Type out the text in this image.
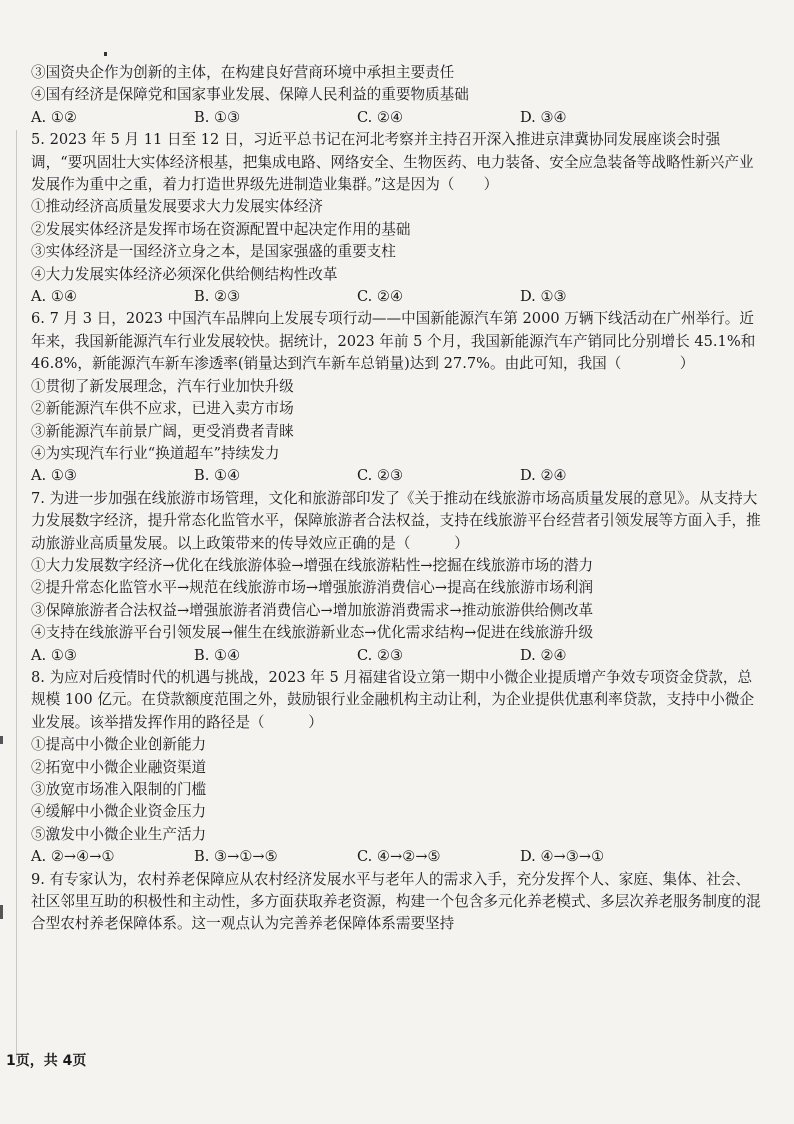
③国资央企作为创新的主体，在构建良好营商环境中承担主要责任
④国有经济是保障党和国家事业发展、保障人民利益的重要物质基础
A. ①②	B. ①③	C. ②④	D. ③④
5. 2023 年 5 月 11 日至 12 日，习近平总书记在河北考察并主持召开深入推进京津冀协同发展座谈会时强调，“要巩固壮大实体经济根基，把集成电路、网络安全、生物医药、电力装备、安全应急装备等战略性新兴产业发展作为重中之重，着力打造世界级先进制造业集群。”这是因为（　　）
①推动经济高质量发展要求大力发展实体经济
②发展实体经济是发挥市场在资源配置中起决定作用的基础
③实体经济是一国经济立身之本，是国家强盛的重要支柱
④大力发展实体经济必须深化供给侧结构性改革
A. ①④	B. ②③	C. ②④	D. ①③
6. 7 月 3 日，2023 中国汽车品牌向上发展专项行动——中国新能源汽车第 2000 万辆下线活动在广州举行。近年来，我国新能源汽车行业发展较快。据统计，2023 年前 5 个月，我国新能源汽车产销同比分别增长 45.1%和 46.8%，新能源汽车新车渗透率(销量达到汽车新车总销量)达到 27.7%。由此可知，我国（　　　　）
①贯彻了新发展理念，汽车行业加快升级
②新能源汽车供不应求，已进入卖方市场
③新能源汽车前景广阔，更受消费者青睐
④为实现汽车行业“换道超车”持续发力
A. ①③	B. ①④	C. ②③	D. ②④
7. 为进一步加强在线旅游市场管理，文化和旅游部印发了《关于推动在线旅游市场高质量发展的意见》。从支持大力发展数字经济，提升常态化监管水平，保障旅游者合法权益，支持在线旅游平台经营者引领发展等方面入手，推动旅游业高质量发展。以上政策带来的传导效应正确的是（　　　）
①大力发展数字经济→优化在线旅游体验→增强在线旅游粘性→挖掘在线旅游市场的潜力
②提升常态化监管水平→规范在线旅游市场→增强旅游消费信心→提高在线旅游市场利润
③保障旅游者合法权益→增强旅游者消费信心→增加旅游消费需求→推动旅游供给侧改革
④支持在线旅游平台引领发展→催生在线旅游新业态→优化需求结构→促进在线旅游升级
A. ①③	B. ①④	C. ②③	D. ②④
8. 为应对后疫情时代的机遇与挑战，2023 年 5 月福建省设立第一期中小微企业提质增产争效专项资金贷款，总规模 100 亿元。在贷款额度范围之外，鼓励银行业金融机构主动让利，为企业提供优惠利率贷款，支持中小微企业发展。该举措发挥作用的路径是（　　　）
①提高中小微企业创新能力
②拓宽中小微企业融资渠道
③放宽市场准入限制的门槛
④缓解中小微企业资金压力
⑤激发中小微企业生产活力
A. ②→④→①	B. ③→①→⑤	C. ④→②→⑤	D. ④→③→①
9. 有专家认为，农村养老保障应从农村经济发展水平与老年人的需求入手，充分发挥个人、家庭、集体、社会、社区邻里互助的积极性和主动性，多方面获取养老资源，构建一个包含多元化养老模式、多层次养老服务制度的混合型农村养老保障体系。这一观点认为完善养老保障体系需要坚持
1页，共 4页
